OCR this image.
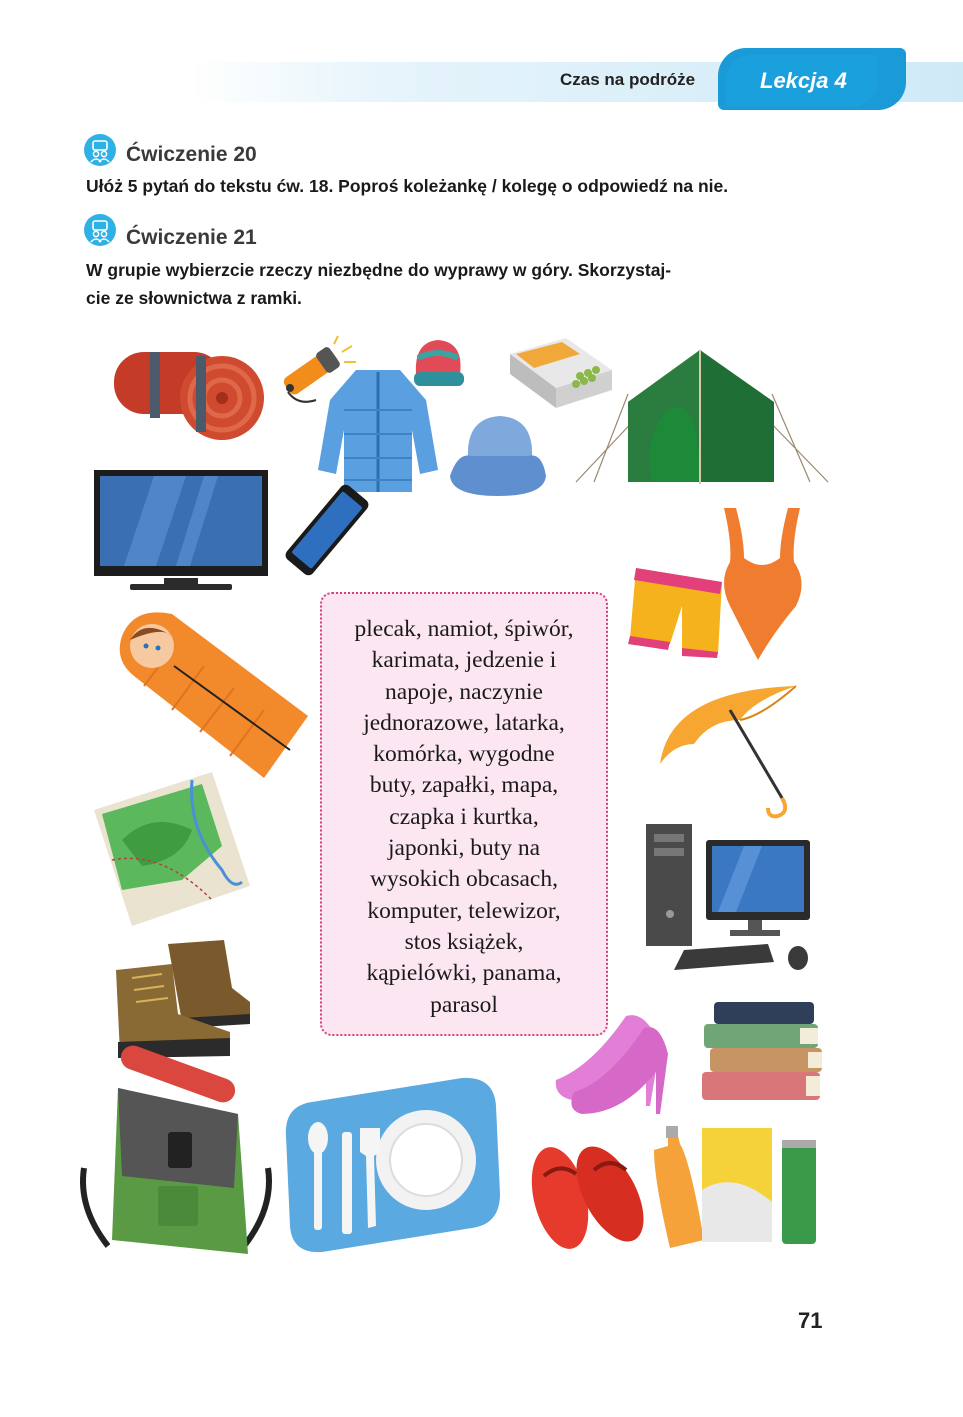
Czas na podróże	Lekcja 4
Ćwiczenie 20
Ułóż 5 pytań do tekstu ćw. 18. Poproś koleżankę / kolegę o odpowiedź na nie.
Ćwiczenie 21
W grupie wybierzcie rzeczy niezbędne do wyprawy w góry. Skorzystaj-
cie ze słownictwa z ramki.
plecak, namiot, śpiwór,
karimata, jedzenie i
napoje, naczynie
jednorazowe, latarka,
komórka, wygodne
buty, zapałki, mapa,
czapka i kurtka,
japonki, buty na
wysokich obcasach,
komputer, telewizor,
stos książek,
kąpielówki, panama,
parasol
71
